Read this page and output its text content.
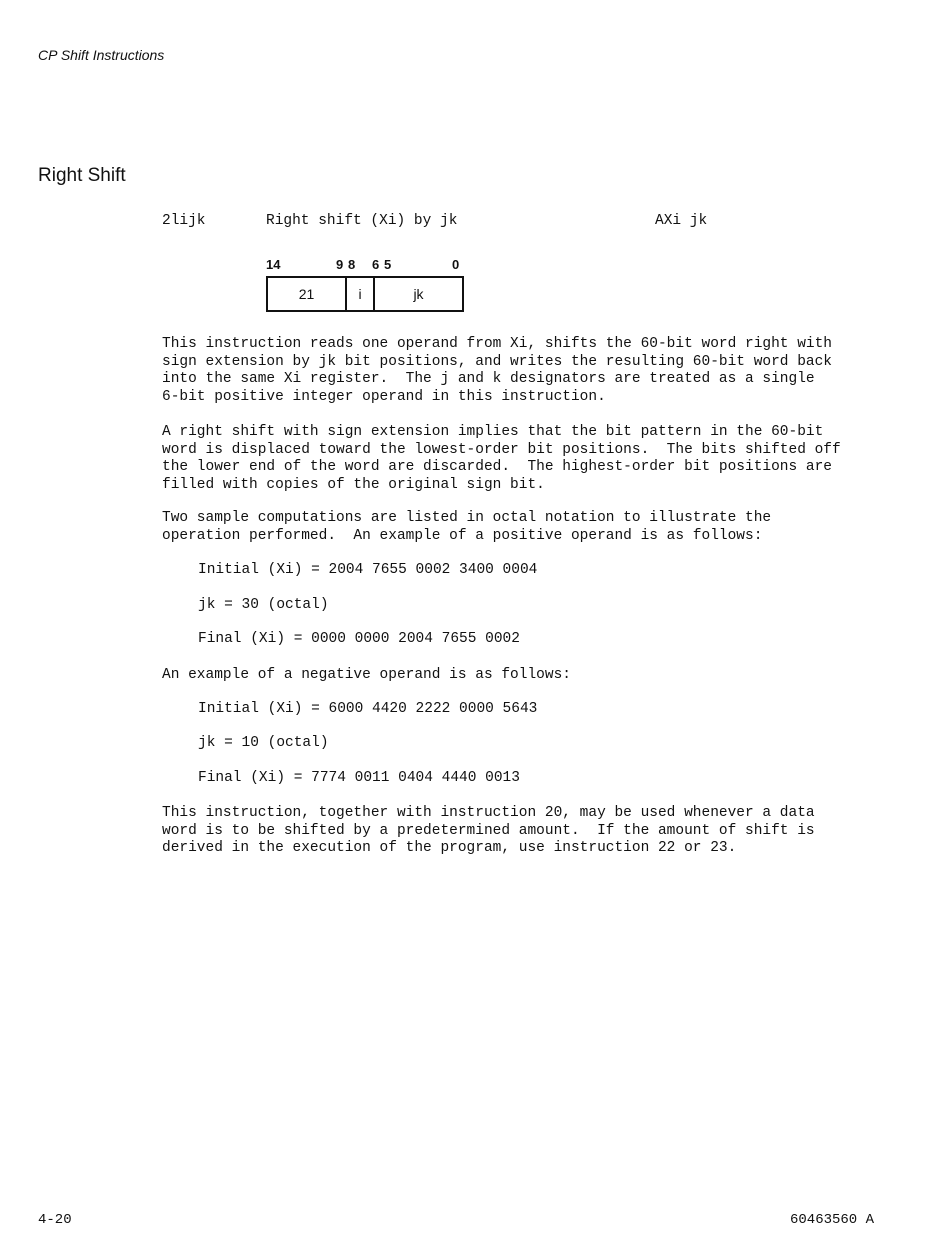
CP Shift Instructions
Right Shift
2lijk	Right shift (Xi) by jk	AXi jk
14	9 8 6 5	0
21	i	jk

This instruction reads one operand from Xi, shifts the 60-bit word right with
sign extension by jk bit positions, and writes the resulting 60-bit word back
into the same Xi register.  The j and k designators are treated as a single
6-bit positive integer operand in this instruction.

A right shift with sign extension implies that the bit pattern in the 60-bit
word is displaced toward the lowest-order bit positions.  The bits shifted off
the lower end of the word are discarded.  The highest-order bit positions are
filled with copies of the original sign bit.

Two sample computations are listed in octal notation to illustrate the
operation performed.  An example of a positive operand is as follows:

Initial (Xi) = 2004 7655 0002 3400 0004

jk = 30 (octal)

Final (Xi) = 0000 0000 2004 7655 0002

An example of a negative operand is as follows:

Initial (Xi) = 6000 4420 2222 0000 5643

jk = 10 (octal)

Final (Xi) = 7774 0011 0404 4440 0013

This instruction, together with instruction 20, may be used whenever a data
word is to be shifted by a predetermined amount.  If the amount of shift is
derived in the execution of the program, use instruction 22 or 23.

4-20	60463560 A
